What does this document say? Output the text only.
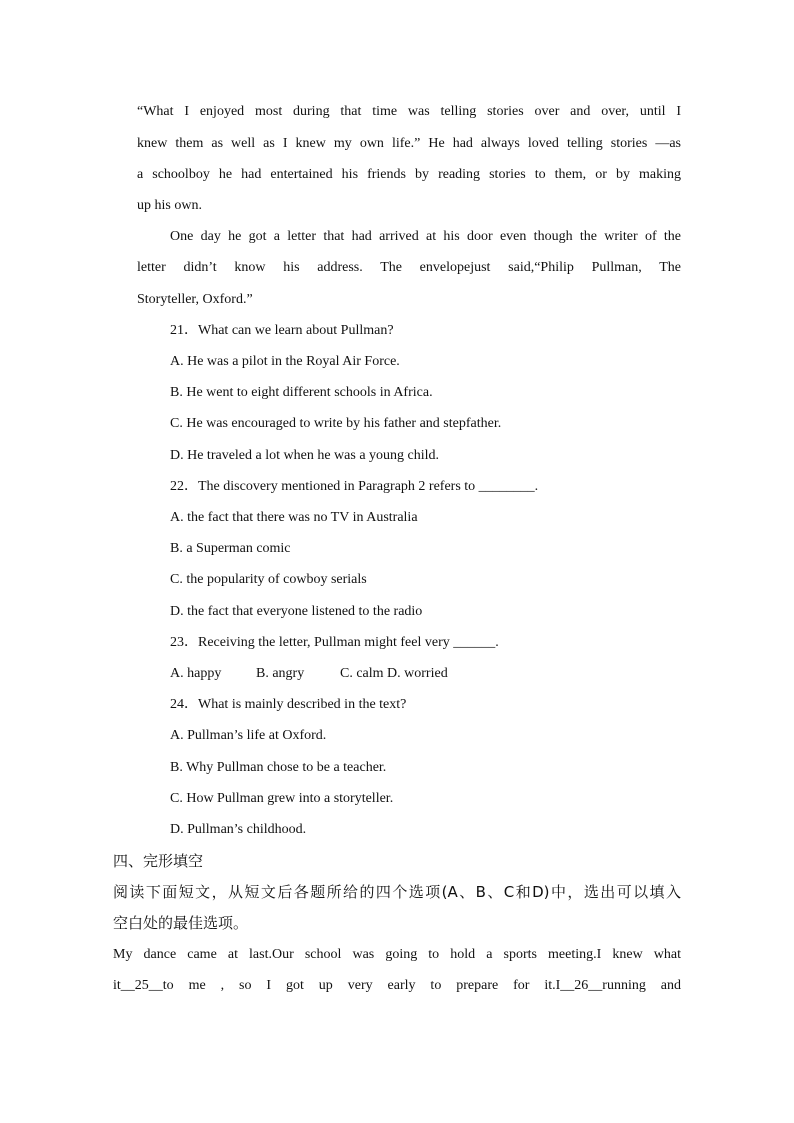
“What I enjoyed most during that time was telling stories over and over, until I
knew them as well as I knew my own life.” He had always loved telling stories —as
a schoolboy he had entertained his friends by reading stories to them, or by making
up his own.
One day he got a letter that had arrived at his door even though the writer of the
letter didn’t know his address. The envelopejust said,“Philip Pullman, The
Storyteller, Oxford.”
21．What can we learn about Pullman?
A. He was a pilot in the Royal Air Force.
B. He went to eight different schools in Africa.
C. He was encouraged to write by his father and stepfather.
D. He traveled a lot when he was a young child.
22．The discovery mentioned in Paragraph 2 refers to ________.
A. the fact that there was no TV in Australia
B. a Superman comic
C. the popularity of cowboy serials
D. the fact that everyone listened to the radio
23．Receiving the letter, Pullman might feel very ______.
A. happy B. angry	C. calm D. worried
24．What is mainly described in the text?
A. Pullman’s life at Oxford.
B. Why Pullman chose to be a teacher.
C. How Pullman grew into a storyteller.
D. Pullman’s childhood.
四、完形填空
阅读下面短文，从短文后各题所给的四个选项(A、B、C和D)中，选出可以填入
空白处的最佳选项。
My dance came at last.Our school was going to hold a sports meeting.I knew what
it__25__to me , so I got up very early to prepare for it.I__26__running and
